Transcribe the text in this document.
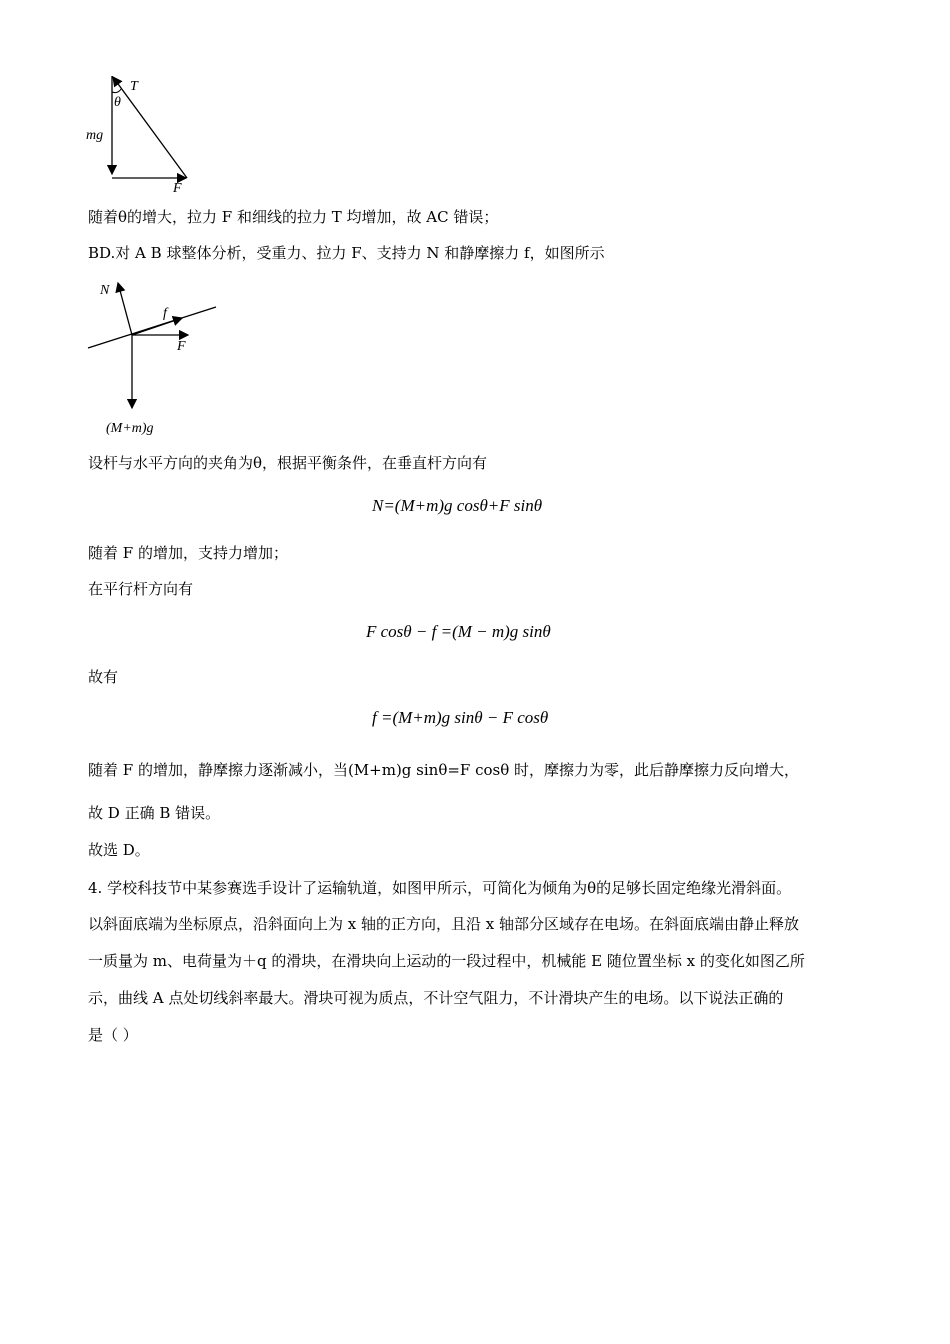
T
θ
mg
F
随着θ的增大，拉力 F 和细线的拉力 T 均增加，故 AC 错误；
BD.对 A B 球整体分析，受重力、拉力 F、支持力 N 和静摩擦力 f，如图所示
N
f
F
(M+m)g
设杆与水平方向的夹角为θ，根据平衡条件，在垂直杆方向有
N=(M+m)g cosθ+F sinθ
随着 F 的增加，支持力增加；
在平行杆方向有
F cosθ − f =(M − m)g sinθ
故有
f =(M+m)g sinθ − F cosθ
随着 F 的增加，静摩擦力逐渐减小，当(M+m)g sinθ=F cosθ 时，摩擦力为零，此后静摩擦力反向增大，
故 D 正确 B 错误。
故选 D。
4. 学校科技节中某参赛选手设计了运输轨道，如图甲所示，可简化为倾角为θ的足够长固定绝缘光滑斜面。
以斜面底端为坐标原点，沿斜面向上为 x 轴的正方向，且沿 x 轴部分区域存在电场。在斜面底端由静止释放
一质量为 m、电荷量为＋q 的滑块，在滑块向上运动的一段过程中，机械能 E 随位置坐标 x 的变化如图乙所
示，曲线 A 点处切线斜率最大。滑块可视为质点，不计空气阻力，不计滑块产生的电场。以下说法正确的
是（ ）
